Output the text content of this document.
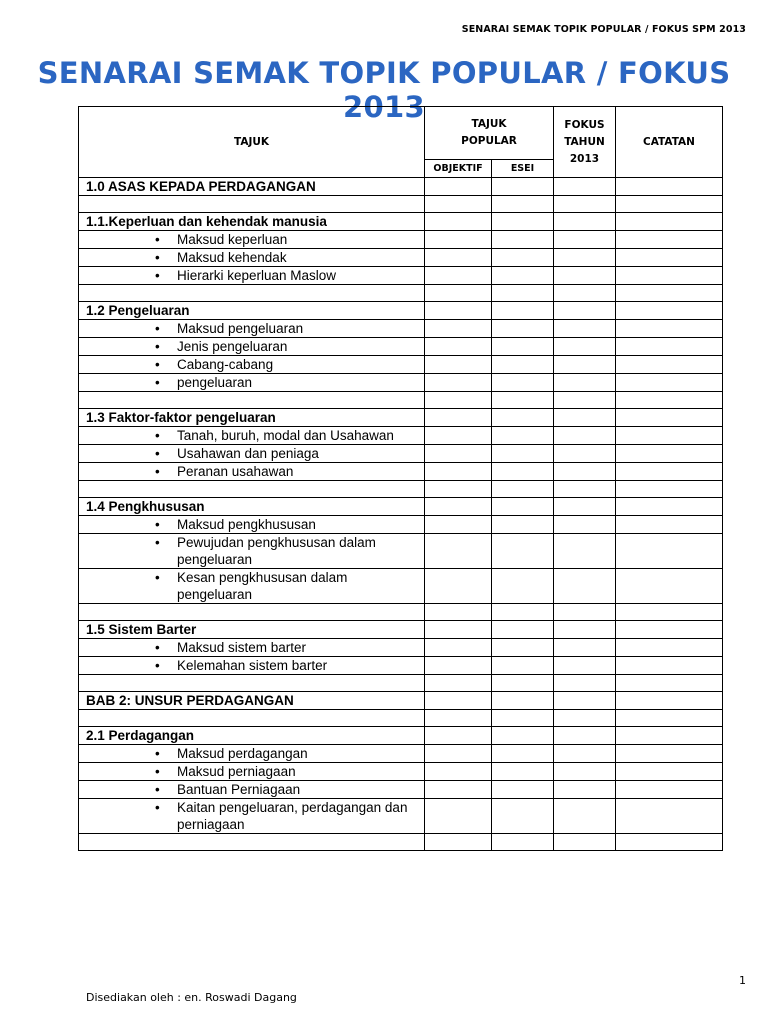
SENARAI SEMAK TOPIK POPULAR / FOKUS SPM 2013
SENARAI SEMAK TOPIK POPULAR / FOKUS 2013
TAJUK	TAJUK POPULAR		FOKUS TAHUN 2013	CATATAN
	OBJEKTIF	ESEI		
1.0 ASAS KEPADA PERDAGANGAN				

1.1.Keperluan dan kehendak manusia				

• Maksud keperluan				

• Maksud kehendak				

• Hierarki keperluan Maslow				

1.2 Pengeluaran				

• Maksud pengeluaran				

• Jenis pengeluaran				

• Cabang-cabang				

• pengeluaran				

1.3 Faktor-faktor pengeluaran				

• Tanah, buruh, modal dan Usahawan				

• Usahawan dan peniaga				

• Peranan usahawan				

1.4 Pengkhususan				

• Maksud pengkhususan				

• Pewujudan pengkhususan dalam pengeluaran				

• Kesan pengkhususan dalam pengeluaran				

1.5 Sistem Barter				

• Maksud sistem barter				

• Kelemahan sistem barter				

BAB 2: UNSUR PERDAGANGAN				

2.1 Perdagangan				

• Maksud perdagangan				

• Maksud perniagaan				

• Bantuan Perniagaan				

• Kaitan pengeluaran, perdagangan dan perniagaan				

1
Disediakan oleh : en. Roswadi Dagang
